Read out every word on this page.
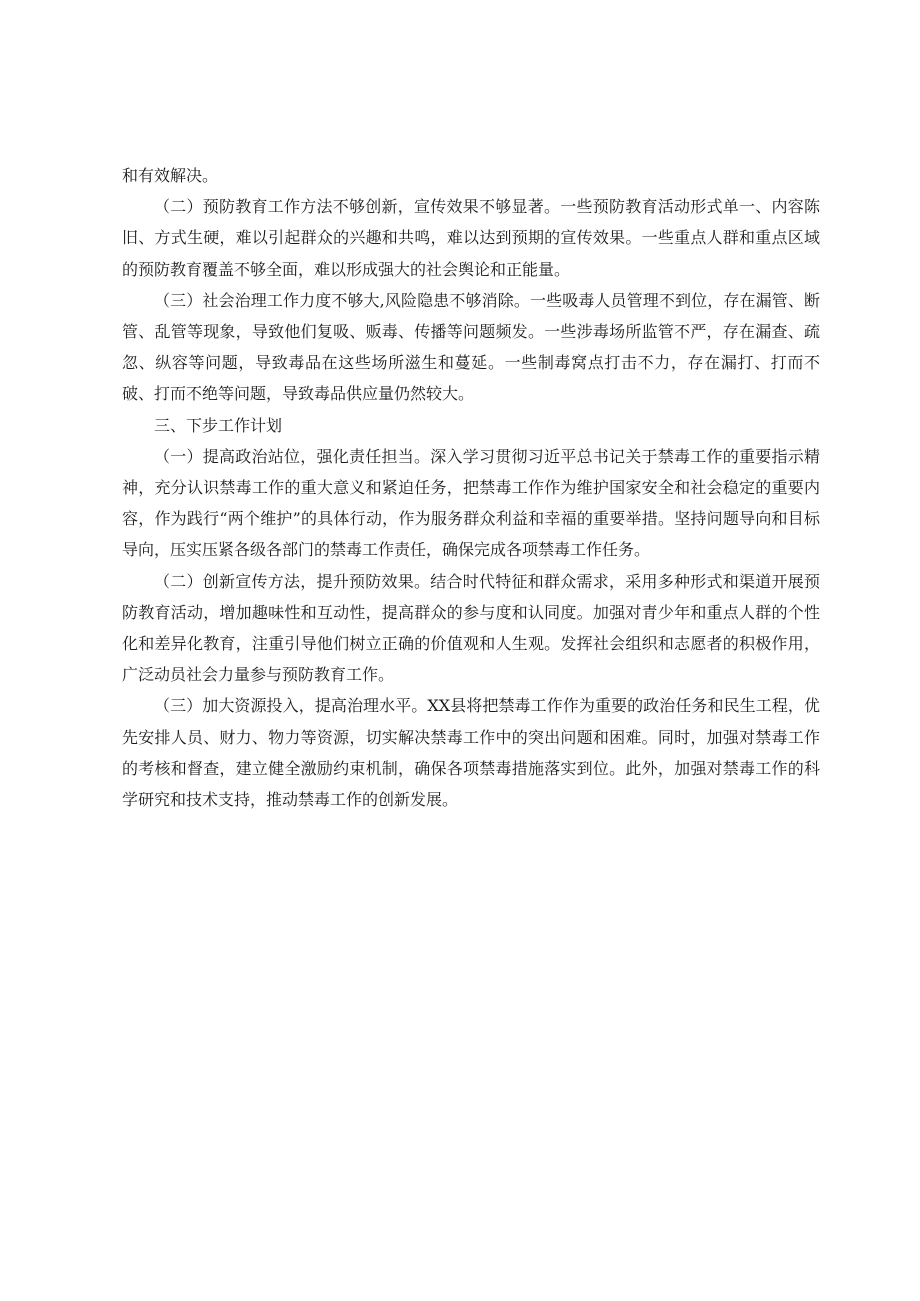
和有效解决。

（二）预防教育工作方法不够创新，宣传效果不够显著。一些预防教育活动形式单一、内容陈旧、方式生硬，难以引起群众的兴趣和共鸣，难以达到预期的宣传效果。一些重点人群和重点区域的预防教育覆盖不够全面，难以形成强大的社会舆论和正能量。

（三）社会治理工作力度不够大,风险隐患不够消除。一些吸毒人员管理不到位，存在漏管、断管、乱管等现象，导致他们复吸、贩毒、传播等问题频发。一些涉毒场所监管不严，存在漏查、疏忽、纵容等问题，导致毒品在这些场所滋生和蔓延。一些制毒窝点打击不力，存在漏打、打而不破、打而不绝等问题，导致毒品供应量仍然较大。

三、下步工作计划

（一）提高政治站位，强化责任担当。深入学习贯彻习近平总书记关于禁毒工作的重要指示精神，充分认识禁毒工作的重大意义和紧迫任务，把禁毒工作作为维护国家安全和社会稳定的重要内容，作为践行“两个维护”的具体行动，作为服务群众利益和幸福的重要举措。坚持问题导向和目标导向，压实压紧各级各部门的禁毒工作责任，确保完成各项禁毒工作任务。

（二）创新宣传方法，提升预防效果。结合时代特征和群众需求，采用多种形式和渠道开展预防教育活动，增加趣味性和互动性，提高群众的参与度和认同度。加强对青少年和重点人群的个性化和差异化教育，注重引导他们树立正确的价值观和人生观。发挥社会组织和志愿者的积极作用，广泛动员社会力量参与预防教育工作。

（三）加大资源投入，提高治理水平。XX县将把禁毒工作作为重要的政治任务和民生工程，优先安排人员、财力、物力等资源，切实解决禁毒工作中的突出问题和困难。同时，加强对禁毒工作的考核和督查，建立健全激励约束机制，确保各项禁毒措施落实到位。此外，加强对禁毒工作的科学研究和技术支持，推动禁毒工作的创新发展。
